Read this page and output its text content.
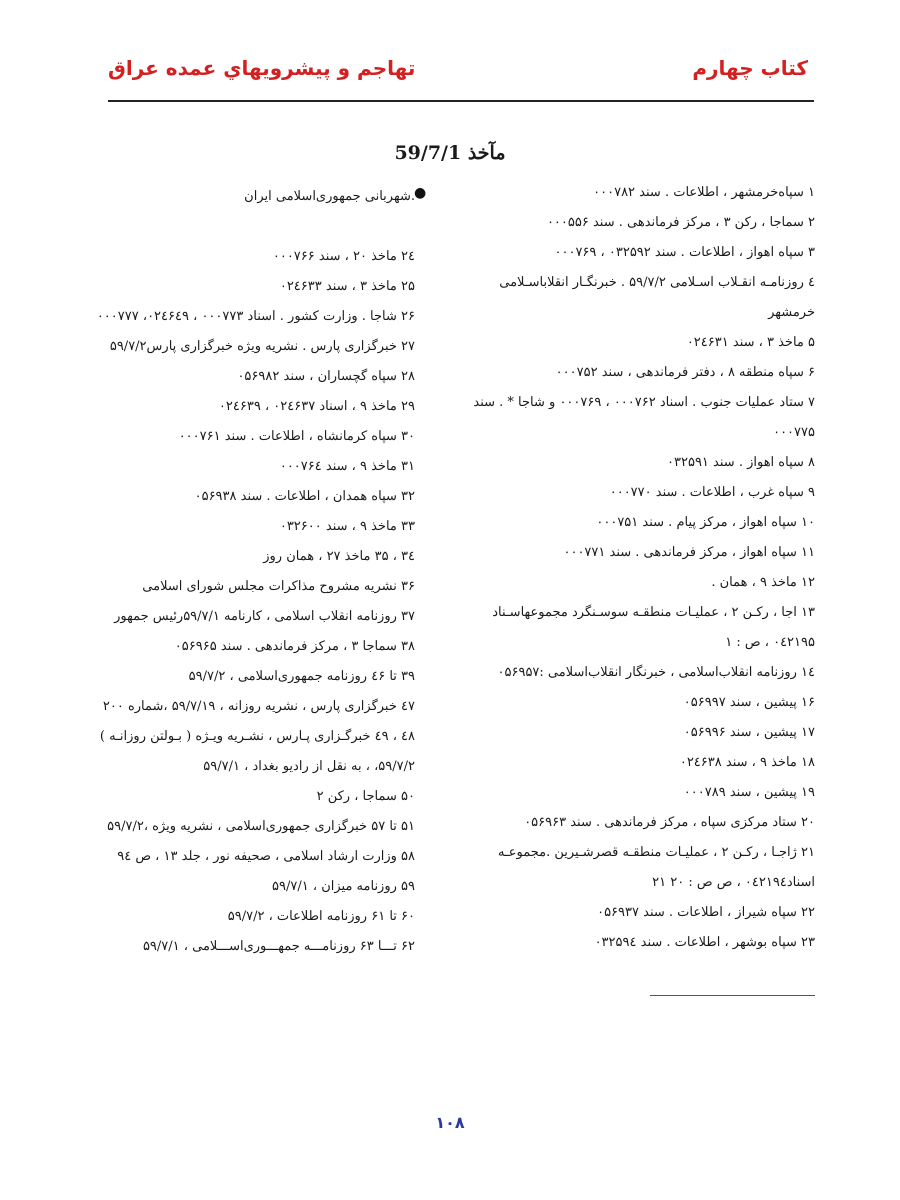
كتاب چهارم
تهاجم و پيشرويهاي عمده عراق
مآخذ 59/7/1
۱ سپاه‌خرمشهر ، اطلاعات . سند ۰۰۰۷۸۲
۲ سماجا ، رکن ۳ ، مرکز فرماندهی . سند ۰۰۰۵۵۶
۳ سپاه اهواز ، اطلاعات . سند ۰۳۲۵۹۲ ، ۰۰۰۷۶۹
٤ روزنامـه انقـلاب اسـلامی ۵۹/۷/۲ . خبرنگـار انقلاباسـلامی خرمشهر
۵ ماخذ ۳ ، سند ۰۲٤۶۳۱
۶ سپاه منطقه ۸ ، دفتر فرماندهی ، سند ۰۰۰۷۵۲
۷ ستاد عملیات جنوب . اسناد ۰۰۰۷۶۲ ، ۰۰۰۷۶۹ و شاجا * . سند ۰۰۰۷۷۵
۸ سپاه اهواز . سند ۰۳۲۵۹۱
۹ سپاه غرب ، اطلاعات . سند ۰۰۰۷۷۰
۱۰ سپاه اهواز ، مرکز پیام . سند ۰۰۰۷۵۱
۱۱ سپاه اهواز ، مرکز فرماندهی . سند ۰۰۰۷۷۱
۱۲ ماخذ ۹ ، همان .
۱۳ اجا ، رکـن ۲ ، عملیـات منطقـه سوسـنگرد مجموعهاسـناد ۰٤۲۱۹۵ ، ص : ۱
۱٤ روزنامه انقلاب‌اسلامی ، خبرنگار انقلاب‌اسلامی :۰۵۶۹۵۷
۱۶ پیشین ، سند ۰۵۶۹۹۷
۱۷ پیشین ، سند ۰۵۶۹۹۶
۱۸ ماخذ ۹ ، سند ۰۲٤۶۳۸
۱۹ پیشین ، سند ۰۰۰۷۸۹
۲۰ ستاد مرکزی سپاه ، مرکز فرماندهی . سند ۰۵۶۹۶۳
۲۱ ژاجـا ، رکـن ۲ ، عملیـات منطقـه قصرشـیرین .مجموعـه اسناد۰٤۲۱۹٤ ، ص ص : ۲۰ ۲۱
۲۲ سپاه شیراز ، اطلاعات . سند ۰۵۶۹۳۷
۲۳ سپاه بوشهر ، اطلاعات . سند ۰۳۲۵۹٤
●
.شهربانی جمهوری‌اسلامی ایران
۲٤ ماخذ ۲۰ ، سند ۰۰۰۷۶۶
۲۵ ماخذ ۳ ، سند ۰۲٤۶۳۳
۲۶ شاجا . وزارت کشور . اسناد ۰۰۰۷۷۳ ، ۰۲٤۶٤۹، ۰۰۰۷۷۷
۲۷ خبرگزاری پارس . نشریه ویژه خبرگزاری پارس۵۹/۷/۲
۲۸ سپاه گچساران ، سند ۰۵۶۹۸۲
۲۹ ماخذ ۹ ، اسناد ۰۲٤۶۳۷ ، ۰۲٤۶۳۹
۳۰ سپاه کرمانشاه ، اطلاعات . سند ۰۰۰۷۶۱
۳۱ ماخذ ۹ ، سند ۰۰۰۷۶٤
۳۲ سپاه همدان ، اطلاعات . سند ۰۵۶۹۳۸
۳۳ ماخذ ۹ ، سند ۰۳۲۶۰۰
۳٤ ، ۳۵ ماخذ ۲۷ ، همان روز
۳۶ نشریه مشروح مذاکرات مجلس شورای اسلامی
۳۷ روزنامه انقلاب اسلامی ، کارنامه ۵۹/۷/۱رئیس جمهور
۳۸ سماجا ۳ ، مرکز فرماندهی . سند ۰۵۶۹۶۵
۳۹ تا ٤۶ روزنامه جمهوری‌اسلامی ، ۵۹/۷/۲
٤۷ خبرگزاری پارس ، نشریه روزانه ، ۵۹/۷/۱۹ ،شماره ۲۰۰
٤۸ ، ٤۹ خبرگـزاری پـارس ، نشـریه ویـژه ( بـولتن روزانـه )
۵۹/۷/۲، ، به نقل از رادیو بغداد ، ۵۹/۷/۱
۵۰ سماجا ، رکن ۲
۵۱ تا ۵۷ خبرگزاری جمهوری‌اسلامی ، نشریه ویژه ،۵۹/۷/۲
۵۸ وزارت ارشاد اسلامی ، صحیفه نور ، جلد ۱۳ ، ص ۹٤
۵۹ روزنامه میزان ، ۵۹/۷/۱
۶۰ تا ۶۱ روزنامه اطلاعات ، ۵۹/۷/۲
۶۲ تـــا ۶۳ روزنامـــه جمهـــوری‌اســـلامی ، ۵۹/۷/۱
۱۰۸
